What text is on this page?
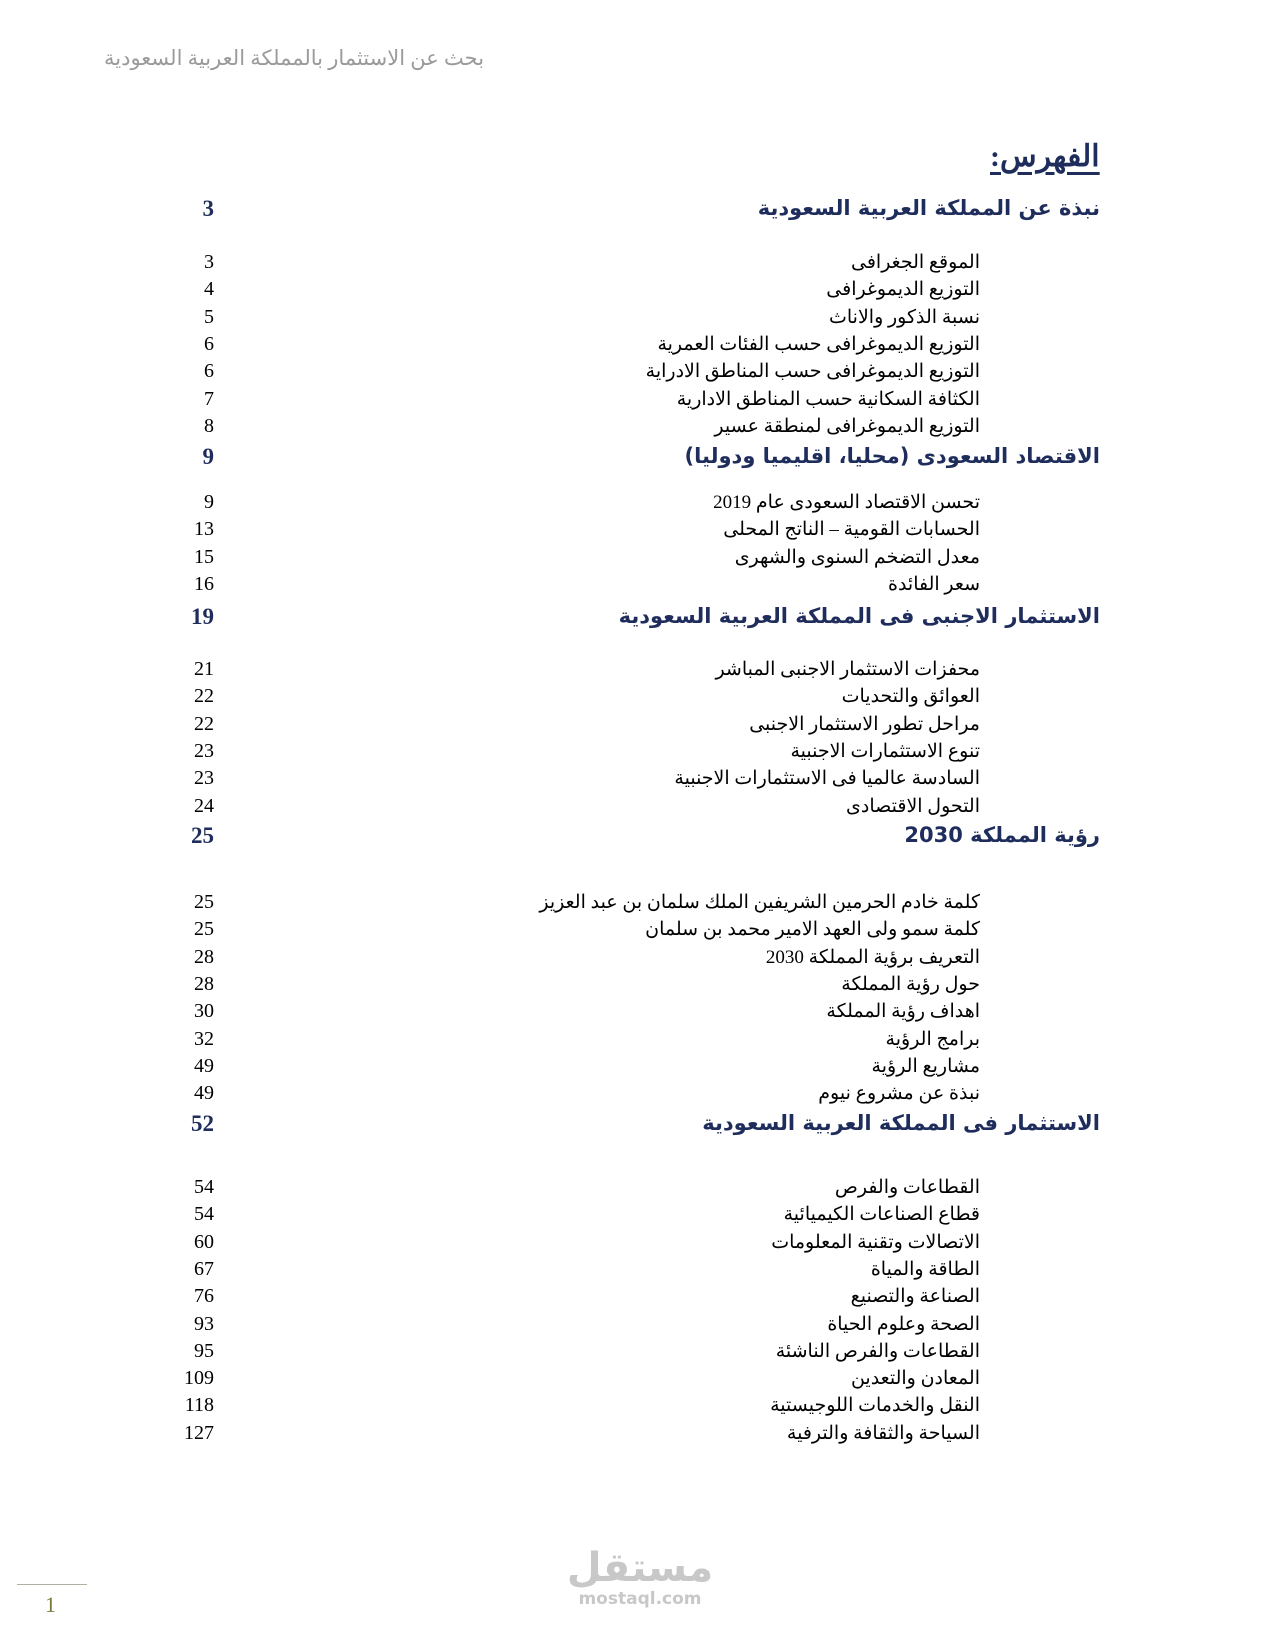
بحث عن الاستثمار بالمملكة العربية السعودية
الفهرس:
نبذة عن المملكة العربية السعودية
3
الموقع الجغرافى
3
التوزيع الديموغرافى
4
نسبة الذكور والاناث
5
التوزيع الديموغرافى حسب الفئات العمرية
6
التوزيع الديموغرافى حسب المناطق الادراية
6
الكثافة السكانية حسب المناطق الادارية
7
التوزيع الديموغرافى لمنطقة عسير
8
الاقتصاد السعودى (محليا، اقليميا ودوليا)
9
تحسن الاقتصاد السعودى عام 2019
9
الحسابات القومية – الناتج المحلى
13
معدل التضخم السنوى والشهرى
15
سعر الفائدة
16
الاستثمار الاجنبى فى المملكة العربية السعودية
19
محفزات الاستثمار الاجنبى المباشر
21
العوائق والتحديات
22
مراحل تطور الاستثمار الاجنبى
22
تنوع الاستثمارات الاجنبية
23
السادسة عالميا فى الاستثمارات الاجنبية
23
التحول الاقتصادى
24
رؤية المملكة 2030
25
كلمة خادم الحرمين الشريفين الملك سلمان بن عبد العزيز
25
كلمة سمو ولى العهد الامير محمد بن سلمان
25
التعريف برؤية المملكة 2030
28
حول رؤية المملكة
28
اهداف رؤية المملكة
30
برامج الرؤية
32
مشاريع الرؤية
49
نبذة عن مشروع نيوم
49
الاستثمار فى المملكة العربية السعودية
52
القطاعات والفرص
54
قطاع الصناعات الكيميائية
54
الاتصالات وتقنية المعلومات
60
الطاقة والمياة
67
الصناعة والتصنيع
76
الصحة وعلوم الحياة
93
القطاعات والفرص الناشئة
95
المعادن والتعدين
109
النقل والخدمات اللوجيستية
118
السياحة والثقافة والترفية
127
1
مستقل
mostaql.com
